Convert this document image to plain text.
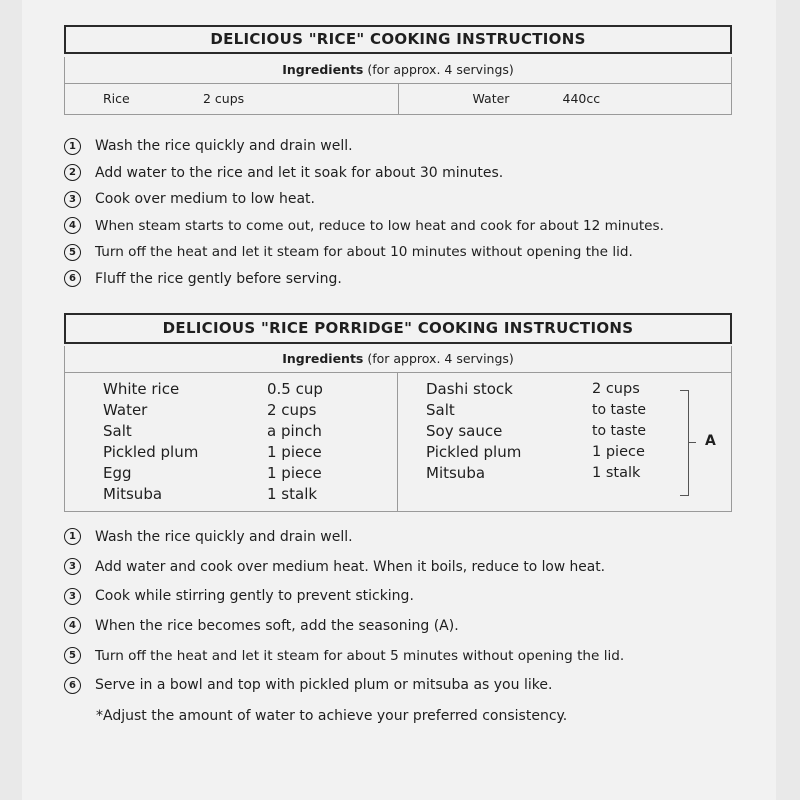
DELICIOUS "RICE" COOKING INSTRUCTIONS
Ingredients (for approx. 4 servings)
Rice	2 cups	Water	440cc
1	Wash the rice quickly and drain well.
2	Add water to the rice and let it soak for about 30 minutes.
3	Cook over medium to low heat.
4	When steam starts to come out, reduce to low heat and cook for about 12 minutes.
5	Turn off the heat and let it steam for about 10 minutes without opening the lid.
6	Fluff the rice gently before serving.
DELICIOUS "RICE PORRIDGE" COOKING INSTRUCTIONS
Ingredients (for approx. 4 servings)
White rice	0.5 cup
Water	2 cups
Salt	a pinch
Pickled plum	1 piece
Egg	1 piece
Mitsuba	1 stalk
Dashi stock	2 cups
Salt	to taste
Soy sauce	to taste
Pickled plum	1 piece
Mitsuba	1 stalk
A
1	Wash the rice quickly and drain well.
3	Add water and cook over medium heat. When it boils, reduce to low heat.
3	Cook while stirring gently to prevent sticking.
4	When the rice becomes soft, add the seasoning (A).
5	Turn off the heat and let it steam for about 5 minutes without opening the lid.
6	Serve in a bowl and top with pickled plum or mitsuba as you like.
*Adjust the amount of water to achieve your preferred consistency.
